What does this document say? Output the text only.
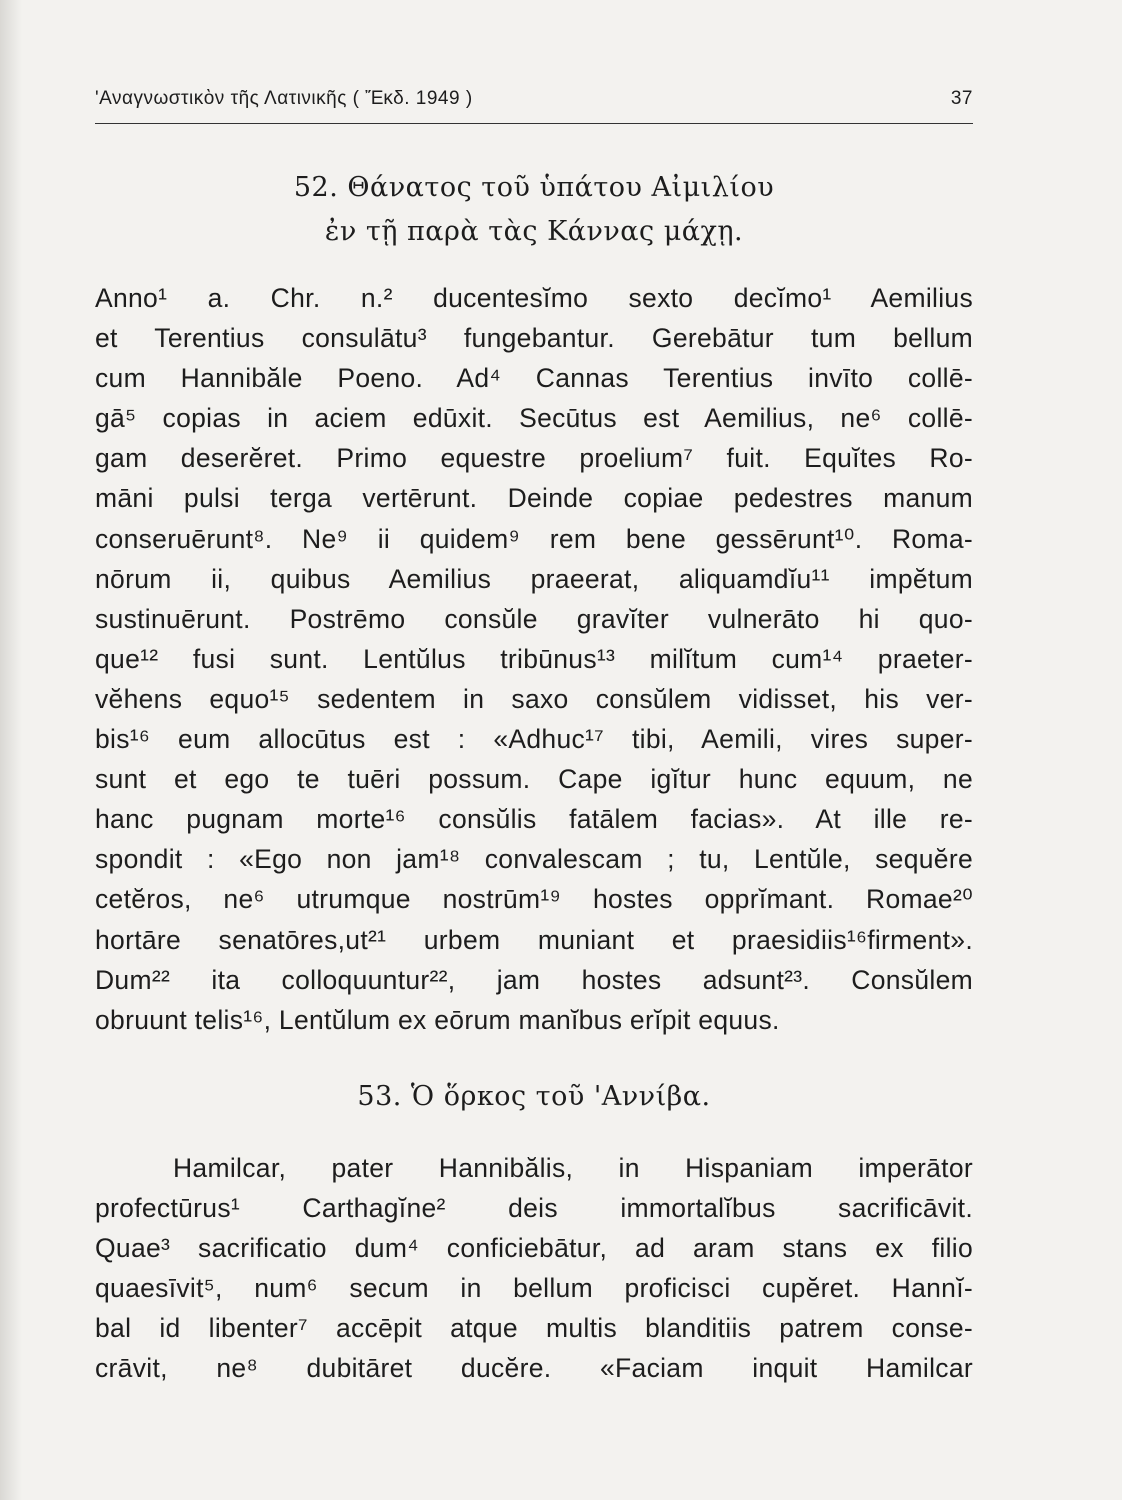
'Αναγνωστικὸν τῆς Λατινικῆς ( Ἔκδ. 1949 )	37
52. Θάνατος τοῦ ὑπάτου Αἰμιλίου
ἐν τῇ παρὰ τὰς Κάννας μάχῃ.
Anno¹ a. Chr. n.² ducentesĭmo sexto decĭmo¹ Aemilius
et Terentius consulātu³ fungebantur. Gerebātur tum bellum
cum Hannibăle Poeno. Ad⁴ Cannas Terentius invīto collē-
gā⁵ copias in aciem edūxit. Secūtus est Aemilius, ne⁶ collē-
gam deserĕret. Primo equestre proelium⁷ fuit. Equĭtes Ro-
māni pulsi terga vertērunt. Deinde copiae pedestres manum
conseruērunt⁸. Ne⁹ ii quidem⁹ rem bene gessērunt¹⁰. Roma-
nōrum ii, quibus Aemilius praeerat, aliquamdĭu¹¹ impĕtum
sustinuērunt. Postrēmo consŭle gravĭter vulnerāto hi quo-
que¹² fusi sunt. Lentŭlus tribūnus¹³ milĭtum cum¹⁴ praeter-
vĕhens equo¹⁵ sedentem in saxo consŭlem vidisset, his ver-
bis¹⁶ eum allocūtus est : «Adhuc¹⁷ tibi, Aemili, vires super-
sunt et ego te tuēri possum. Cape igĭtur hunc equum, ne
hanc pugnam morte¹⁶ consŭlis fatālem facias». At ille re-
spondit : «Ego non jam¹⁸ convalescam ; tu, Lentŭle, sequĕre
cetĕros, ne⁶ utrumque nostrūm¹⁹ hostes opprĭmant. Romae²⁰
hortāre senatōres,ut²¹ urbem muniant et praesidiis¹⁶firment».
Dum²² ita colloquuntur²², jam hostes adsunt²³. Consŭlem
obruunt telis¹⁶, Lentŭlum ex eōrum manĭbus erĭpit equus.
53. Ὁ ὅρκος τοῦ 'Αννίβα.
Hamilcar, pater Hannibălis, in Hispaniam imperātor
profectūrus¹ Carthagĭne² deis immortalĭbus sacrificāvit.
Quae³ sacrificatio dum⁴ conficiebātur, ad aram stans ex filio
quaesīvit⁵, num⁶ secum in bellum proficisci cupĕret. Hannĭ-
bal id libenter⁷ accēpit atque multis blanditiis patrem conse-
crāvit, ne⁸ dubitāret ducĕre. «Faciam inquit Hamilcar
